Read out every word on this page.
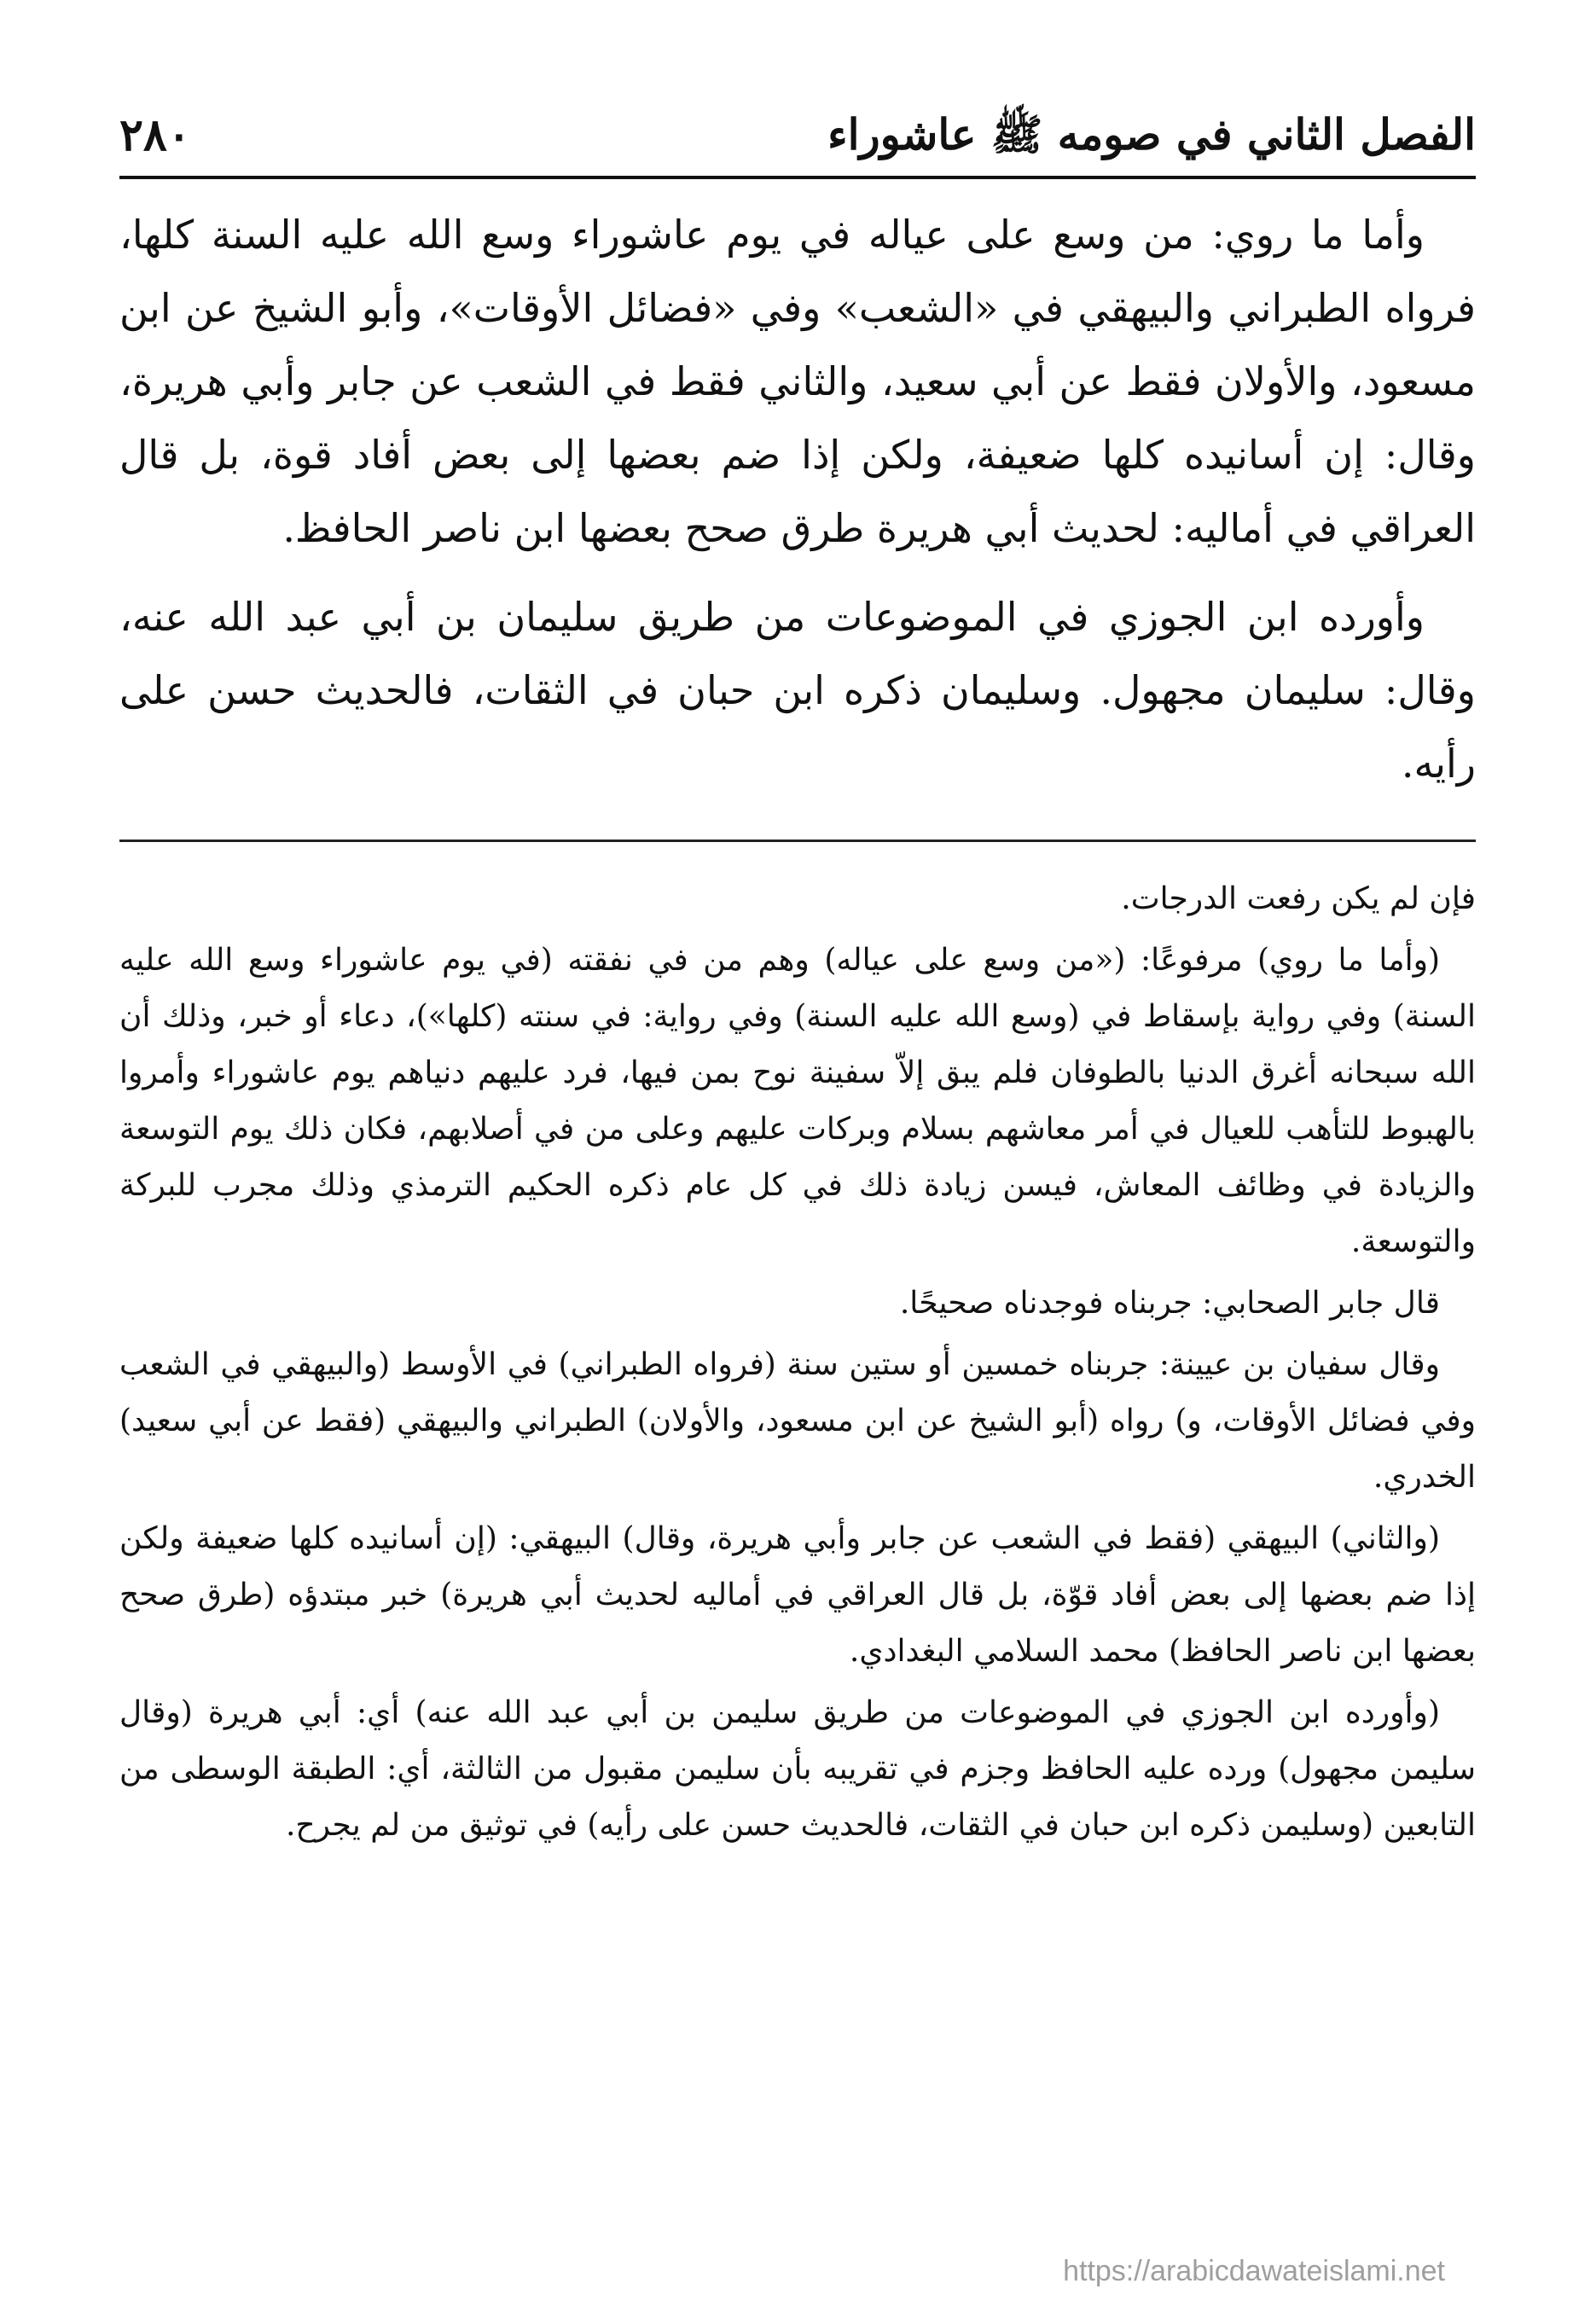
الفصل الثاني في صومه ﷺ عاشوراء
٢٨٠

وأما ما روي: من وسع على عياله في يوم عاشوراء وسع الله عليه السنة كلها، فرواه الطبراني والبيهقي في «الشعب» وفي «فضائل الأوقات»، وأبو الشيخ عن ابن مسعود، والأولان فقط عن أبي سعيد، والثاني فقط في الشعب عن جابر وأبي هريرة، وقال: إن أسانيده كلها ضعيفة، ولكن إذا ضم بعضها إلى بعض أفاد قوة، بل قال العراقي في أماليه: لحديث أبي هريرة طرق صحح بعضها ابن ناصر الحافظ.

وأورده ابن الجوزي في الموضوعات من طريق سليمان بن أبي عبد الله عنه، وقال: سليمان مجهول. وسليمان ذكره ابن حبان في الثقات، فالحديث حسن على رأيه.

فإن لم يكن رفعت الدرجات.

(وأما ما روي) مرفوعًا: («من وسع على عياله) وهم من في نفقته (في يوم عاشوراء وسع الله عليه السنة) وفي رواية بإسقاط في (وسع الله عليه السنة) وفي رواية: في سنته (كلها»)، دعاء أو خبر، وذلك أن الله سبحانه أغرق الدنيا بالطوفان فلم يبق إلاّ سفينة نوح بمن فيها، فرد عليهم دنياهم يوم عاشوراء وأمروا بالهبوط للتأهب للعيال في أمر معاشهم بسلام وبركات عليهم وعلى من في أصلابهم، فكان ذلك يوم التوسعة والزيادة في وظائف المعاش، فيسن زيادة ذلك في كل عام ذكره الحكيم الترمذي وذلك مجرب للبركة والتوسعة.

قال جابر الصحابي: جربناه فوجدناه صحيحًا.

وقال سفيان بن عيينة: جربناه خمسين أو ستين سنة (فرواه الطبراني) في الأوسط (والبيهقي في الشعب وفي فضائل الأوقات، و) رواه (أبو الشيخ عن ابن مسعود، والأولان) الطبراني والبيهقي (فقط عن أبي سعيد) الخدري.

(والثاني) البيهقي (فقط في الشعب عن جابر وأبي هريرة، وقال) البيهقي: (إن أسانيده كلها ضعيفة ولكن إذا ضم بعضها إلى بعض أفاد قوّة، بل قال العراقي في أماليه لحديث أبي هريرة) خبر مبتدؤه (طرق صحح بعضها ابن ناصر الحافظ) محمد السلامي البغدادي.

(وأورده ابن الجوزي في الموضوعات من طريق سليمن بن أبي عبد الله عنه) أي: أبي هريرة (وقال سليمن مجهول) ورده عليه الحافظ وجزم في تقريبه بأن سليمن مقبول من الثالثة، أي: الطبقة الوسطى من التابعين (وسليمن ذكره ابن حبان في الثقات، فالحديث حسن على رأيه) في توثيق من لم يجرح.

https://arabicdawateislami.net
